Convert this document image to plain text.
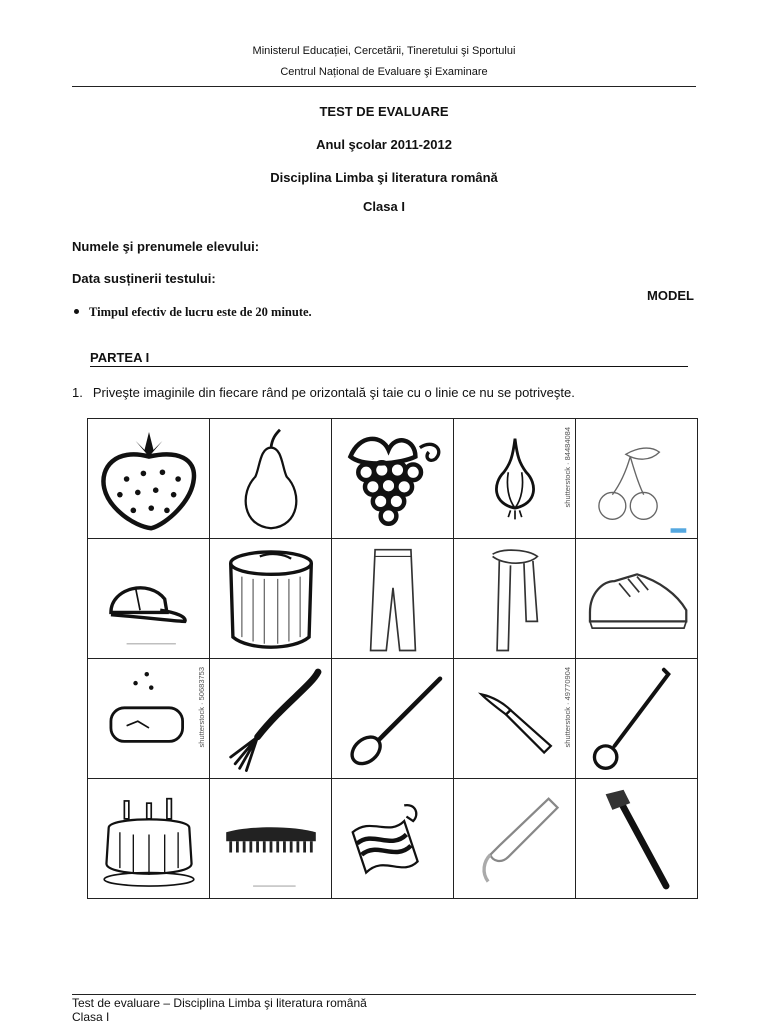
Ministerul Educației, Cercetării, Tineretului şi Sportului
Centrul Național de Evaluare şi Examinare
TEST DE EVALUARE
Anul şcolar 2011-2012
Disciplina Limba şi literatura română
Clasa I
Numele şi prenumele elevului:
Data susținerii testului:
MODEL
Timpul efectiv de lucru este de 20 minute.
PARTEA I
1. Priveşte imaginile din fiecare rând pe orizontală şi taie cu o linie ce nu se potriveşte.

shutterstock · 84484084

shutterstock · 50683753			shutterstock · 49770904

Test de evaluare – Disciplina Limba şi literatura română
Clasa I
